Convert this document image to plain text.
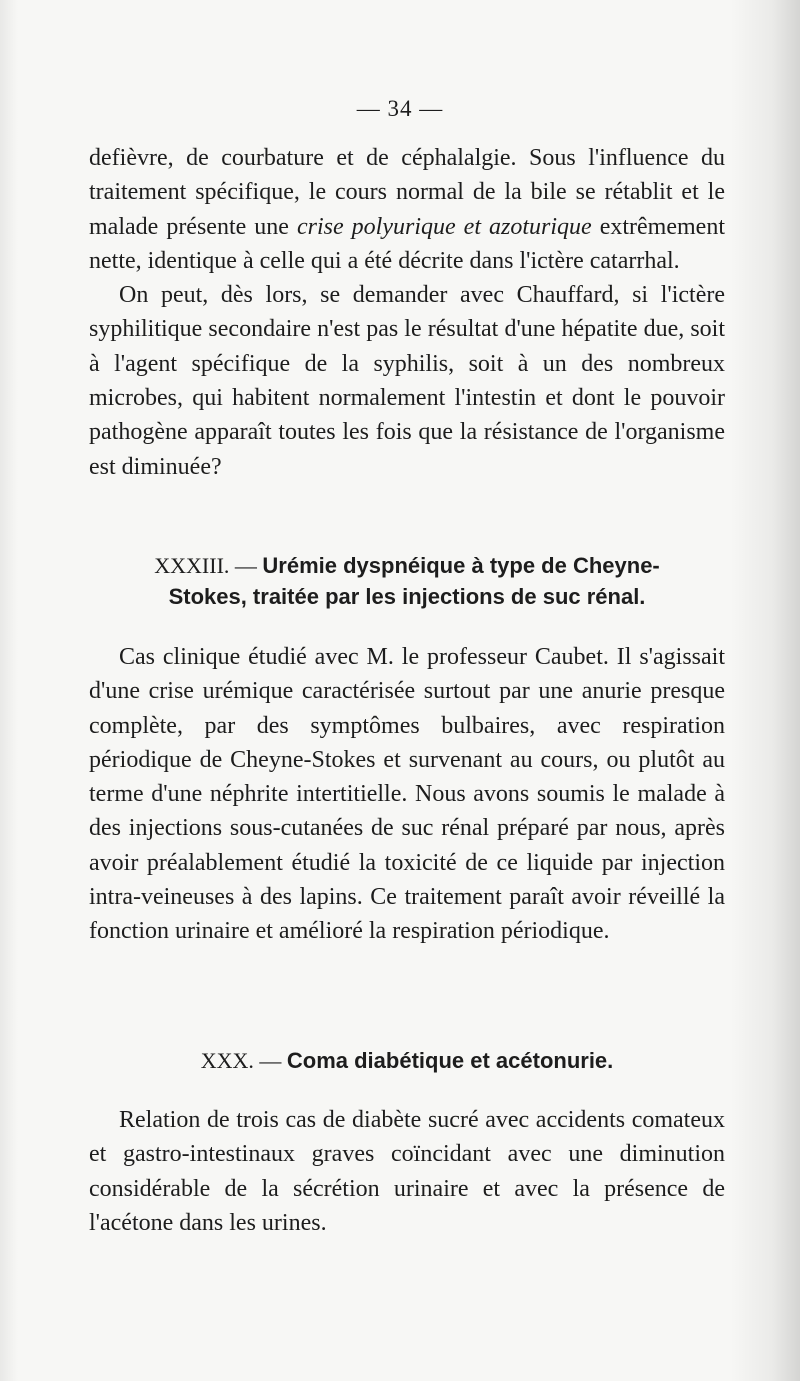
— 34 —

defièvre, de courbature et de céphalalgie. Sous l'influence du traitement spécifique, le cours normal de la bile se rétablit et le malade présente une crise polyurique et azoturique extrêmement nette, identique à celle qui a été décrite dans l'ictère catarrhal.

On peut, dès lors, se demander avec Chauffard, si l'ictère syphilitique secondaire n'est pas le résultat d'une hépatite due, soit à l'agent spécifique de la syphilis, soit à un des nombreux microbes, qui habitent normalement l'intestin et dont le pouvoir pathogène apparaît toutes les fois que la résistance de l'organisme est diminuée?

XXXIII. — Urémie dyspnéique à type de Cheyne-
Stokes, traitée par les injections de suc rénal.

Cas clinique étudié avec M. le professeur Caubet. Il s'agissait d'une crise urémique caractérisée surtout par une anurie presque complète, par des symptômes bulbaires, avec respiration périodique de Cheyne-Stokes et survenant au cours, ou plutôt au terme d'une néphrite intertitielle. Nous avons soumis le malade à des injections sous-cutanées de suc rénal préparé par nous, après avoir préalablement étudié la toxicité de ce liquide par injection intra-veineuses à des lapins. Ce traitement paraît avoir réveillé la fonction urinaire et amélioré la respiration périodique.

XXX. — Coma diabétique et acétonurie.

Relation de trois cas de diabète sucré avec accidents comateux et gastro-intestinaux graves coïncidant avec une diminution considérable de la sécrétion urinaire et avec la présence de l'acétone dans les urines.
